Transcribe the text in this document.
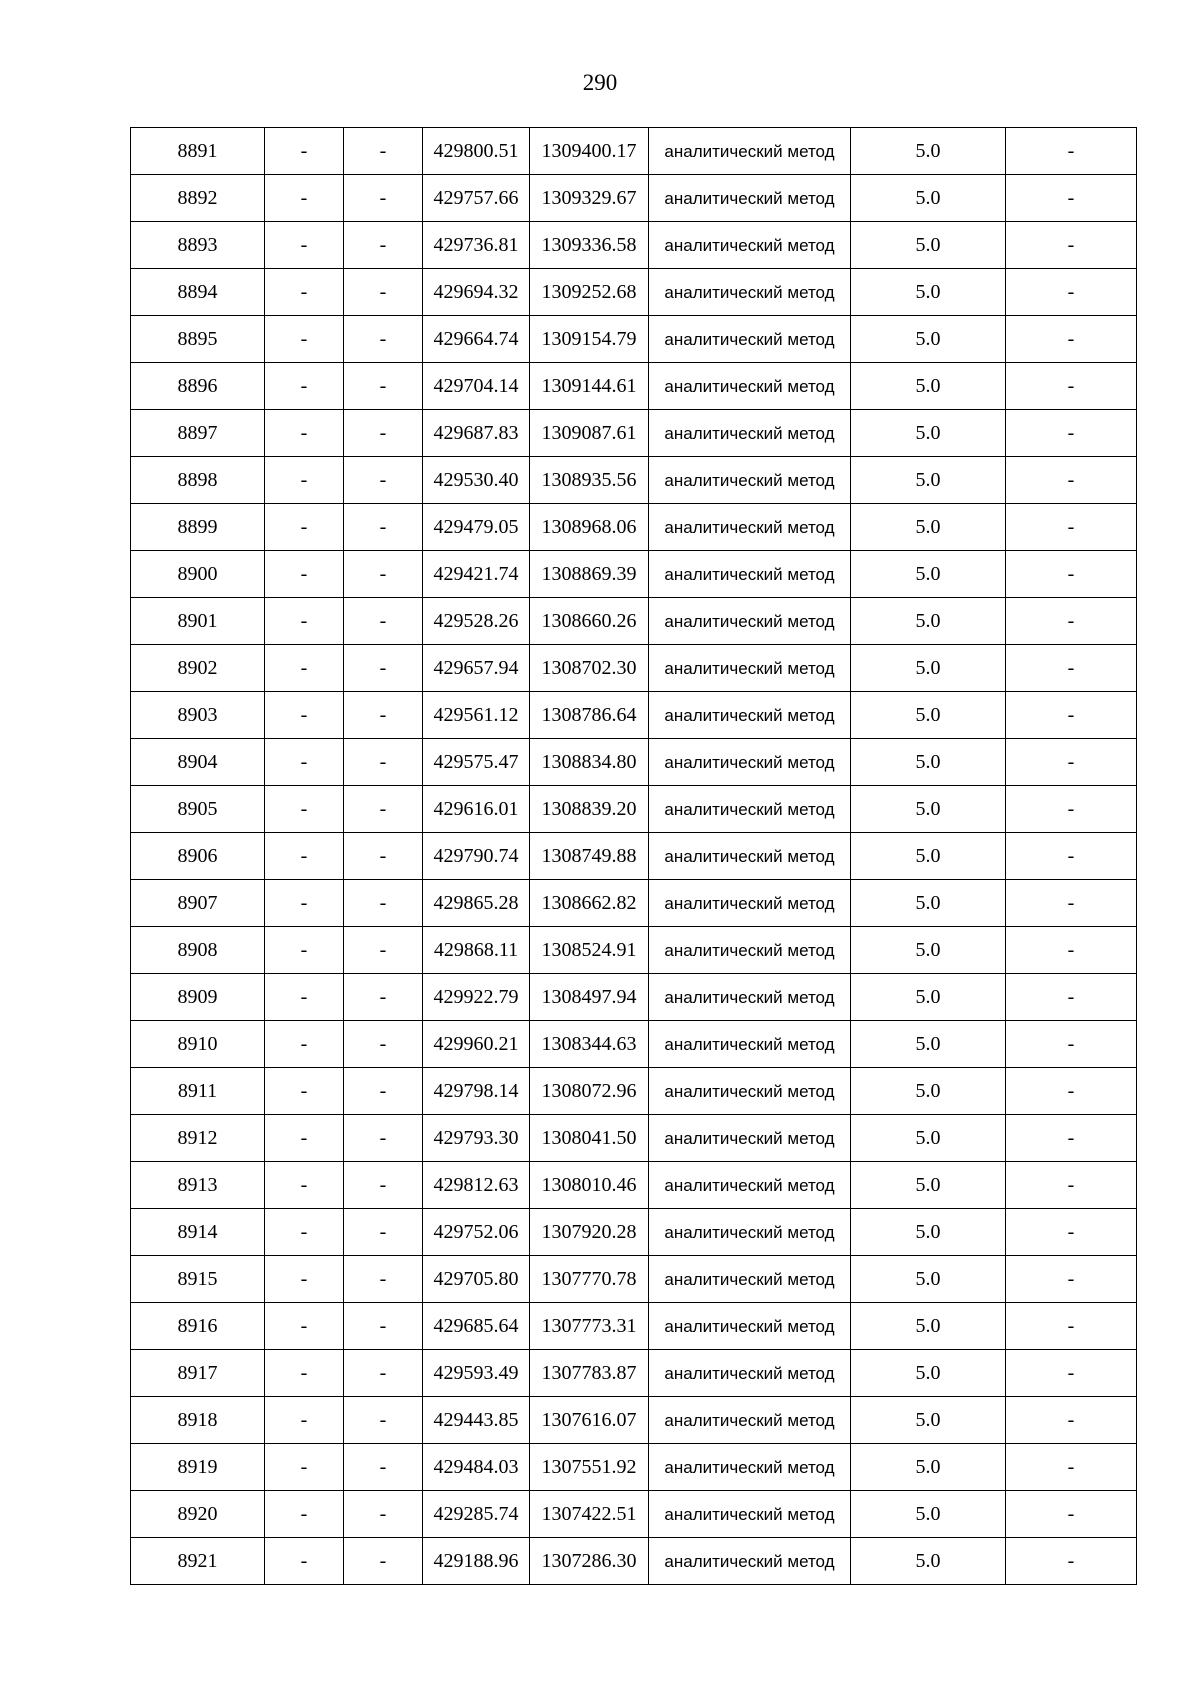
290
8891	-	-	429800.51	1309400.17	аналитический метод	5.0	-
8892	-	-	429757.66	1309329.67	аналитический метод	5.0	-
8893	-	-	429736.81	1309336.58	аналитический метод	5.0	-
8894	-	-	429694.32	1309252.68	аналитический метод	5.0	-
8895	-	-	429664.74	1309154.79	аналитический метод	5.0	-
8896	-	-	429704.14	1309144.61	аналитический метод	5.0	-
8897	-	-	429687.83	1309087.61	аналитический метод	5.0	-
8898	-	-	429530.40	1308935.56	аналитический метод	5.0	-
8899	-	-	429479.05	1308968.06	аналитический метод	5.0	-
8900	-	-	429421.74	1308869.39	аналитический метод	5.0	-
8901	-	-	429528.26	1308660.26	аналитический метод	5.0	-
8902	-	-	429657.94	1308702.30	аналитический метод	5.0	-
8903	-	-	429561.12	1308786.64	аналитический метод	5.0	-
8904	-	-	429575.47	1308834.80	аналитический метод	5.0	-
8905	-	-	429616.01	1308839.20	аналитический метод	5.0	-
8906	-	-	429790.74	1308749.88	аналитический метод	5.0	-
8907	-	-	429865.28	1308662.82	аналитический метод	5.0	-
8908	-	-	429868.11	1308524.91	аналитический метод	5.0	-
8909	-	-	429922.79	1308497.94	аналитический метод	5.0	-
8910	-	-	429960.21	1308344.63	аналитический метод	5.0	-
8911	-	-	429798.14	1308072.96	аналитический метод	5.0	-
8912	-	-	429793.30	1308041.50	аналитический метод	5.0	-
8913	-	-	429812.63	1308010.46	аналитический метод	5.0	-
8914	-	-	429752.06	1307920.28	аналитический метод	5.0	-
8915	-	-	429705.80	1307770.78	аналитический метод	5.0	-
8916	-	-	429685.64	1307773.31	аналитический метод	5.0	-
8917	-	-	429593.49	1307783.87	аналитический метод	5.0	-
8918	-	-	429443.85	1307616.07	аналитический метод	5.0	-
8919	-	-	429484.03	1307551.92	аналитический метод	5.0	-
8920	-	-	429285.74	1307422.51	аналитический метод	5.0	-
8921	-	-	429188.96	1307286.30	аналитический метод	5.0	-
